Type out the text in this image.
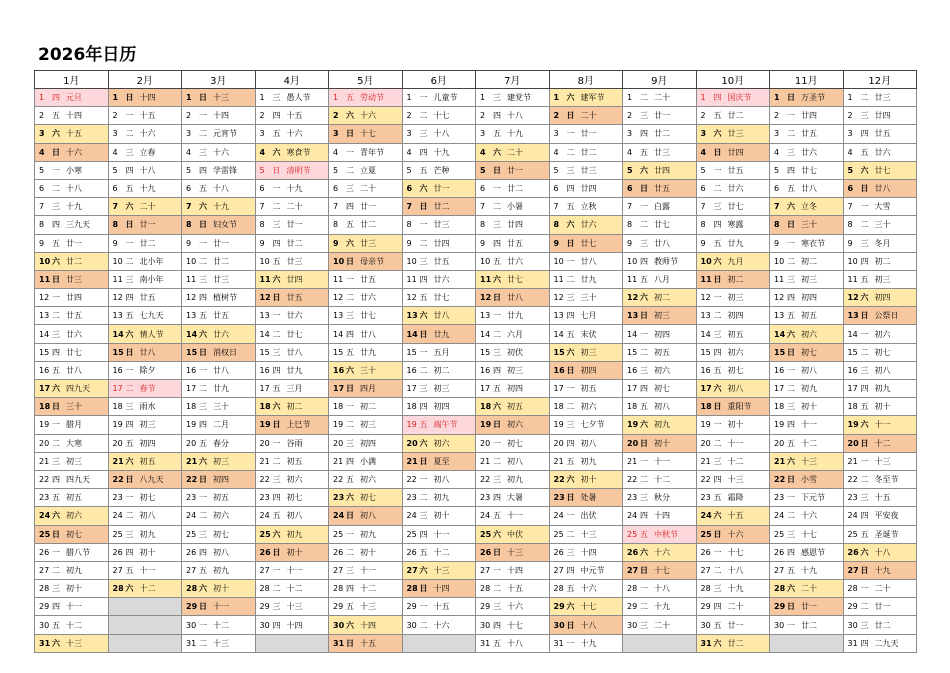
2026年日历
1月	2月	3月	4月	5月	6月	7月	8月	9月	10月	11月	12月
1 四 元旦	1 日 十四	1 日 十三	1 三 愚人节	1 五 劳动节	1 一 儿童节	1 三 建党节	1 六 建军节	1 二 二十	1 四 国庆节	1 日 万圣节	1 二 廿三
2 五 十四	2 一 十五	2 一 十四	2 四 十五	2 六 十六	2 二 十七	2 四 十八	2 日 二十	2 三 廿一	2 五 廿二	2 一 廿四	2 三 廿四
3 六 十五	3 二 十六	3 二 元宵节	3 五 十六	3 日 十七	3 三 十八	3 五 十九	3 一 廿一	3 四 廿二	3 六 廿三	3 二 廿五	3 四 廿五
4 日 十六	4 三 立春	4 三 十六	4 六 寒食节	4 一 青年节	4 四 十九	4 六 二十	4 二 廿二	4 五 廿三	4 日 廿四	4 三 廿六	4 五 廿六
5 一 小寒	5 四 十八	5 四 学雷锋	5 日 清明节	5 二 立夏	5 五 芒种	5 日 廿一	5 三 廿三	5 六 廿四	5 一 廿五	5 四 廿七	5 六 廿七
6 二 十八	6 五 十九	6 五 十八	6 一 十九	6 三 二十	6 六 廿一	6 一 廿二	6 四 廿四	6 日 廿五	6 二 廿六	6 五 廿八	6 日 廿八
7 三 十九	7 六 二十	7 六 十九	7 二 二十	7 四 廿一	7 日 廿二	7 二 小暑	7 五 立秋	7 一 白露	7 三 廿七	7 六 立冬	7 一 大雪
8 四 三九天	8 日 廿一	8 日 妇女节	8 三 廿一	8 五 廿二	8 一 廿三	8 三 廿四	8 六 廿六	8 二 廿七	8 四 寒露	8 日 三十	8 二 三十
9 五 廿一	9 一 廿二	9 一 廿一	9 四 廿二	9 六 廿三	9 二 廿四	9 四 廿五	9 日 廿七	9 三 廿八	9 五 廿九	9 一 寒衣节	9 三 冬月
10 六 廿二	10 二 北小年	10 二 廿二	10 五 廿三	10 日 母亲节	10 三 廿五	10 五 廿六	10 一 廿八	10 四 教师节	10 六 九月	10 二 初二	10 四 初二
11 日 廿三	11 三 南小年	11 三 廿三	11 六 廿四	11 一 廿五	11 四 廿六	11 六 廿七	11 二 廿九	11 五 八月	11 日 初二	11 三 初三	11 五 初三
12 一 廿四	12 四 廿五	12 四 植树节	12 日 廿五	12 二 廿六	12 五 廿七	12 日 廿八	12 三 三十	12 六 初二	12 一 初三	12 四 初四	12 六 初四
13 二 廿五	13 五 七九天	13 五 廿五	13 一 廿六	13 三 廿七	13 六 廿八	13 一 廿九	13 四 七月	13 日 初三	13 二 初四	13 五 初五	13 日 公祭日
14 三 廿六	14 六 情人节	14 六 廿六	14 二 廿七	14 四 廿八	14 日 廿九	14 二 六月	14 五 末伏	14 一 初四	14 三 初五	14 六 初六	14 一 初六
15 四 廿七	15 日 廿八	15 日 消权日	15 三 廿八	15 五 廿九	15 一 五月	15 三 初伏	15 六 初三	15 二 初五	15 四 初六	15 日 初七	15 二 初七
16 五 廿八	16 一 除夕	16 一 廿八	16 四 廿九	16 六 三十	16 二 初二	16 四 初三	16 日 初四	16 三 初六	16 五 初七	16 一 初八	16 三 初八
17 六 四九天	17 二 春节	17 二 廿九	17 五 三月	17 日 四月	17 三 初三	17 五 初四	17 一 初五	17 四 初七	17 六 初八	17 二 初九	17 四 初九
18 日 三十	18 三 雨水	18 三 三十	18 六 初二	18 一 初二	18 四 初四	18 六 初五	18 二 初六	18 五 初八	18 日 重阳节	18 三 初十	18 五 初十
19 一 腊月	19 四 初三	19 四 二月	19 日 上巳节	19 二 初三	19 五 端午节	19 日 初六	19 三 七夕节	19 六 初九	19 一 初十	19 四 十一	19 六 十一
20 二 大寒	20 五 初四	20 五 春分	20 一 谷雨	20 三 初四	20 六 初六	20 一 初七	20 四 初八	20 日 初十	20 二 十一	20 五 十二	20 日 十二
21 三 初三	21 六 初五	21 六 初三	21 二 初五	21 四 小满	21 日 夏至	21 二 初八	21 五 初九	21 一 十一	21 三 十二	21 六 十三	21 一 十三
22 四 四九天	22 日 八九天	22 日 初四	22 三 初六	22 五 初六	22 一 初八	22 三 初九	22 六 初十	22 二 十二	22 四 十三	22 日 小雪	22 二 冬至节
23 五 初五	23 一 初七	23 一 初五	23 四 初七	23 六 初七	23 二 初九	23 四 大暑	23 日 处暑	23 三 秋分	23 五 霜降	23 一 下元节	23 三 十五
24 六 初六	24 二 初八	24 二 初六	24 五 初八	24 日 初八	24 三 初十	24 五 十一	24 一 出伏	24 四 十四	24 六 十五	24 二 十六	24 四 平安夜
25 日 初七	25 三 初九	25 三 初七	25 六 初九	25 一 初九	25 四 十一	25 六 中伏	25 二 十三	25 五 中秋节	25 日 十六	25 三 十七	25 五 圣诞节
26 一 腊八节	26 四 初十	26 四 初八	26 日 初十	26 二 初十	26 五 十二	26 日 十三	26 三 十四	26 六 十六	26 一 十七	26 四 感恩节	26 六 十八
27 二 初九	27 五 十一	27 五 初九	27 一 十一	27 三 十一	27 六 十三	27 一 十四	27 四 中元节	27 日 十七	27 二 十八	27 五 十九	27 日 十九
28 三 初十	28 六 十二	28 六 初十	28 二 十二	28 四 十二	28 日 十四	28 二 十五	28 五 十六	28 一 十八	28 三 十九	28 六 二十	28 一 二十
29 四 十一		29 日 十一	29 三 十三	29 五 十三	29 一 十五	29 三 十六	29 六 十七	29 二 十九	29 四 二十	29 日 廿一	29 二 廿一
30 五 十二		30 一 十二	30 四 十四	30 六 十四	30 二 十六	30 四 十七	30 日 十八	30 三 二十	30 五 廿一	30 一 廿二	30 三 廿二
31 六 十三		31 二 十三		31 日 十五		31 五 十八	31 一 十九		31 六 廿二		31 四 二九天
